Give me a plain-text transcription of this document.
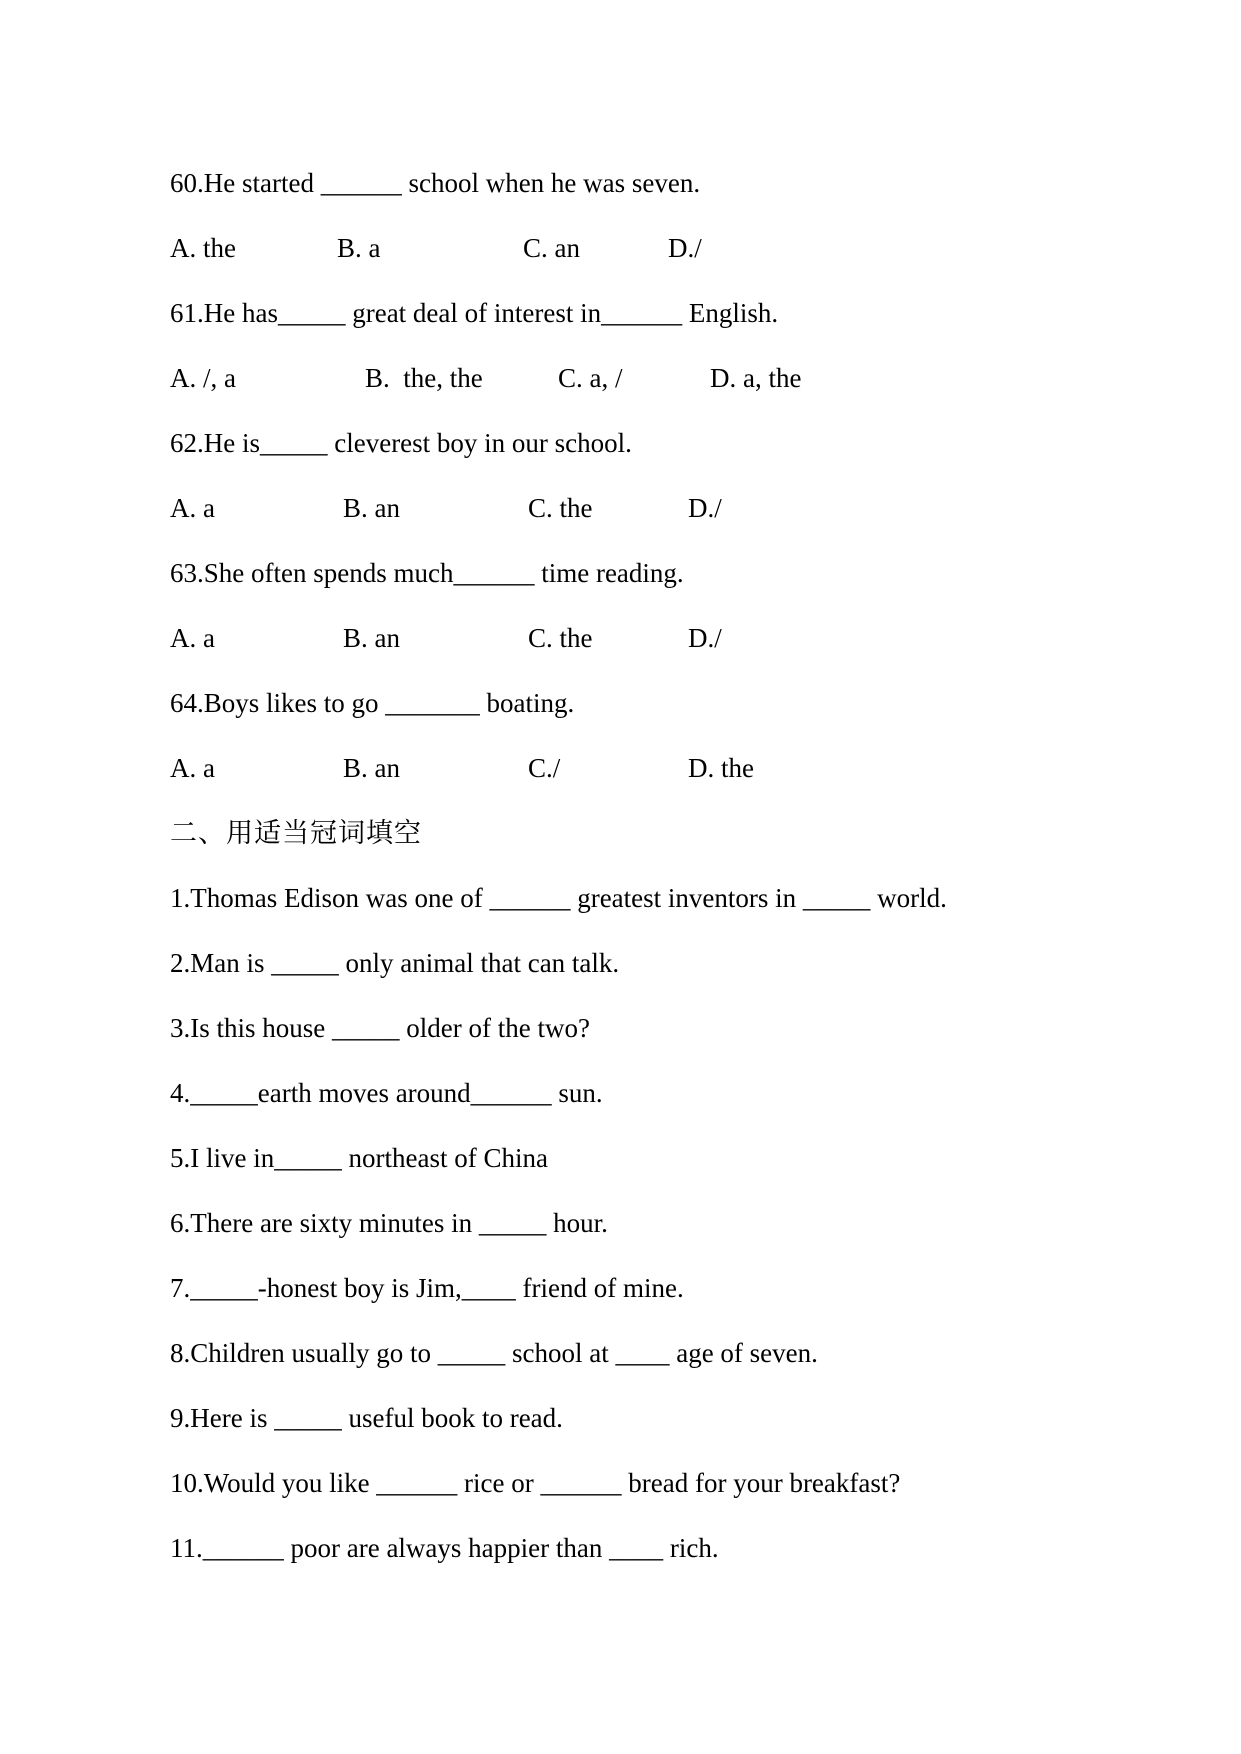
60.He started ______ school when he was seven.

A. the

	B. a

	C. an

	D./

61.He has_____ great deal of interest in______ English.

A. /, a

	B.  the, the

	C. a, /

	D. a, the

62.He is_____ cleverest boy in our school.

A. a

	B. an

	C. the

	D./

63.She often spends much______ time reading.

A. a

	B. an

	C. the

	D./

64.Boys likes to go _______ boating.

A. a

	B. an

	C./

	D. the

二、用适当冠词填空

1.Thomas Edison was one of ______ greatest inventors in _____ world.

2.Man is _____ only animal that can talk.

3.Is this house _____ older of the two?

4._____earth moves around______ sun.

5.I live in_____ northeast of China

6.There are sixty minutes in _____ hour.

7._____-honest boy is Jim,____ friend of mine.

8.Children usually go to _____ school at ____ age of seven.

9.Here is _____ useful book to read.

10.Would you like ______ rice or ______ bread for your breakfast?

11.______ poor are always happier than ____ rich.
